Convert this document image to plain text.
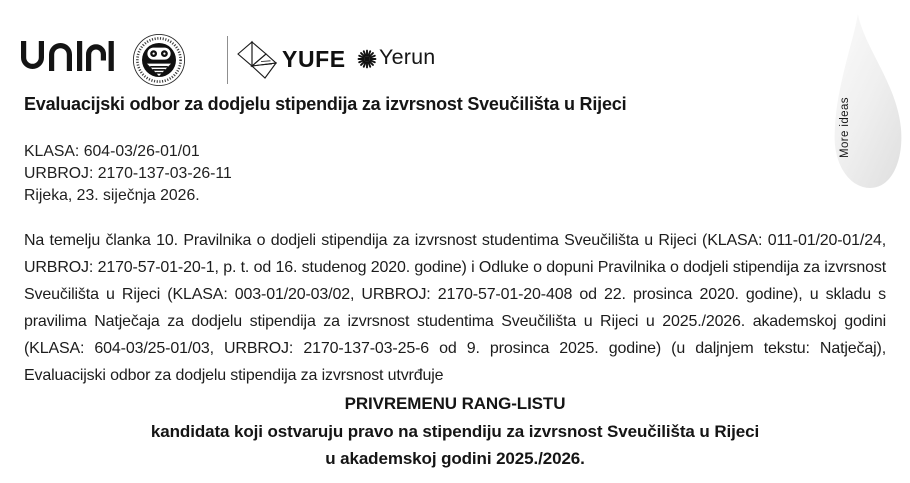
YUFE Yerun
More ideas
Evaluacijski odbor za dodjelu stipendija za izvrsnost Sveučilišta u Rijeci
KLASA: 604-03/26-01/01
URBROJ: 2170-137-03-26-11
Rijeka, 23. siječnja 2026.

Na temelju članka 10. Pravilnika o dodjeli stipendija za izvrsnost studentima Sveučilišta u Rijeci (KLASA: 011-01/20-01/24, URBROJ: 2170-57-01-20-1, p. t. od 16. studenog 2020. godine) i Odluke o dopuni Pravilnika o dodjeli stipendija za izvrsnost Sveučilišta u Rijeci (KLASA: 003-01/20-03/02, URBROJ: 2170-57-01-20-408 od 22. prosinca 2020. godine), u skladu s pravilima Natječaja za dodjelu stipendija za izvrsnost studentima Sveučilišta u Rijeci u 2025./2026. akademskoj godini (KLASA: 604-03/25-01/03, URBROJ: 2170-137-03-25-6 od 9. prosinca 2025. godine) (u daljnjem tekstu: Natječaj), Evaluacijski odbor za dodjelu stipendija za izvrsnost utvrđuje

PRIVREMENU RANG-LISTU
kandidata koji ostvaruju pravo na stipendiju za izvrsnost Sveučilišta u Rijeci
u akademskoj godini 2025./2026.
